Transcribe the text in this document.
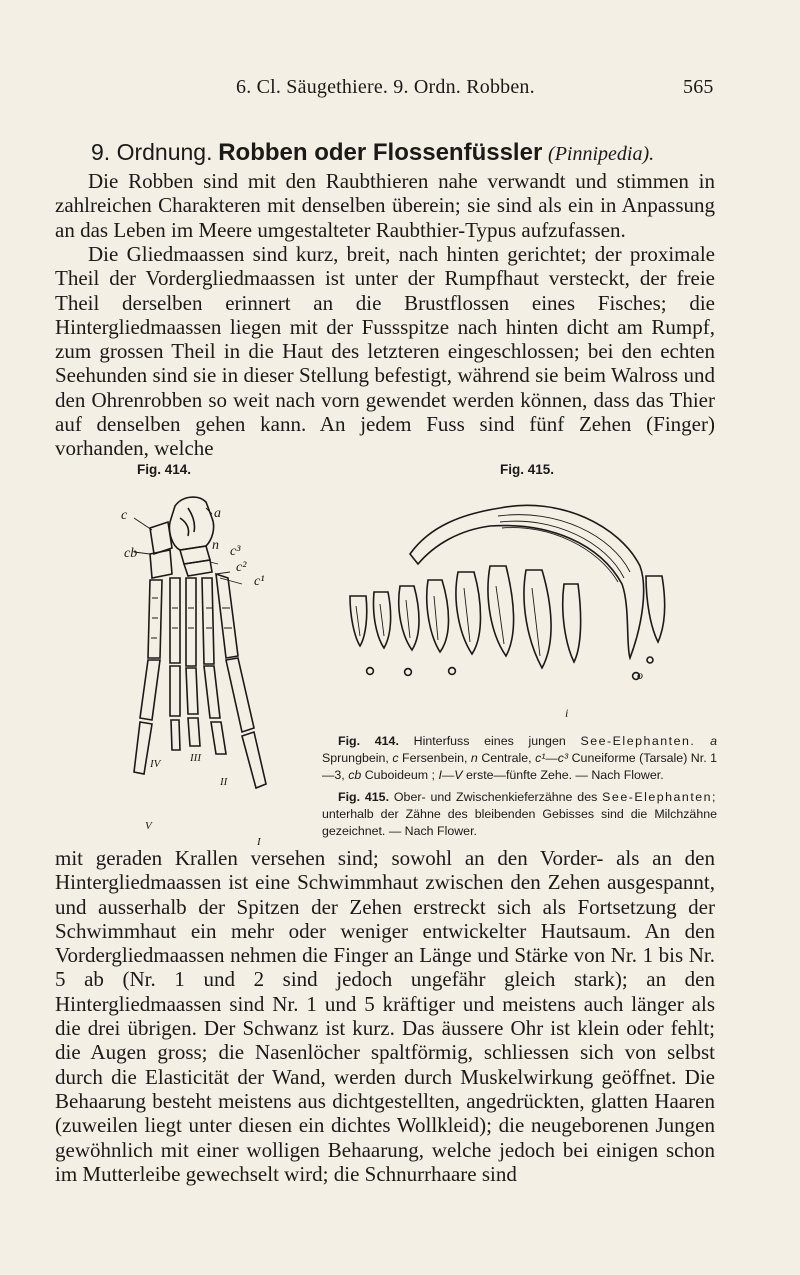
6. Cl. Säugethiere. 9. Ordn. Robben.	565
9. Ordnung. Robben oder Flossenfüssler (Pinnipedia).

Die Robben sind mit den Raubthieren nahe verwandt und stimmen in zahlreichen Charakteren mit denselben überein; sie sind als ein in Anpassung an das Leben im Meere umgestalteter Raubthier-Typus aufzufassen.

Die Gliedmaassen sind kurz, breit, nach hinten gerichtet; der proximale Theil der Vordergliedmaassen ist unter der Rumpfhaut versteckt, der freie Theil derselben erinnert an die Brustflossen eines Fisches; die Hintergliedmaassen liegen mit der Fussspitze nach hinten dicht am Rumpf, zum grossen Theil in die Haut des letzteren eingeschlossen; bei den echten Seehunden sind sie in dieser Stellung befestigt, während sie beim Walross und den Ohrenrobben so weit nach vorn gewendet werden können, dass das Thier auf denselben gehen kann. An jedem Fuss sind fünf Zehen (Finger) vorhanden, welche

Fig. 414.
c	a
cb
n c³
c²
c¹
IV	III
II
I
V
Fig. 415.
o
i

Fig. 414. Hinterfuss eines jungen See-Elephanten. a Sprungbein, c Fersenbein, n Centrale, c¹—c³ Cuneiforme (Tarsale) Nr. 1—3, cb Cuboideum ; I—V erste—fünfte Zehe. — Nach Flower.

Fig. 415. Ober- und Zwischenkieferzähne des See-Elephanten; unterhalb der Zähne des bleibenden Gebisses sind die Milchzähne gezeichnet. — Nach Flower.

mit geraden Krallen versehen sind; sowohl an den Vorder- als an den Hintergliedmaassen ist eine Schwimmhaut zwischen den Zehen ausgespannt, und ausserhalb der Spitzen der Zehen erstreckt sich als Fortsetzung der Schwimmhaut ein mehr oder weniger entwickelter Hautsaum. An den Vordergliedmaassen nehmen die Finger an Länge und Stärke von Nr. 1 bis Nr. 5 ab (Nr. 1 und 2 sind jedoch ungefähr gleich stark); an den Hintergliedmaassen sind Nr. 1 und 5 kräftiger und meistens auch länger als die drei übrigen. Der Schwanz ist kurz. Das äussere Ohr ist klein oder fehlt; die Augen gross; die Nasenlöcher spaltförmig, schliessen sich von selbst durch die Elasticität der Wand, werden durch Muskelwirkung geöffnet. Die Behaarung besteht meistens aus dichtgestellten, angedrückten, glatten Haaren (zuweilen liegt unter diesen ein dichtes Wollkleid); die neugeborenen Jungen gewöhnlich mit einer wolligen Behaarung, welche jedoch bei einigen schon im Mutterleibe gewechselt wird; die Schnurrhaare sind
